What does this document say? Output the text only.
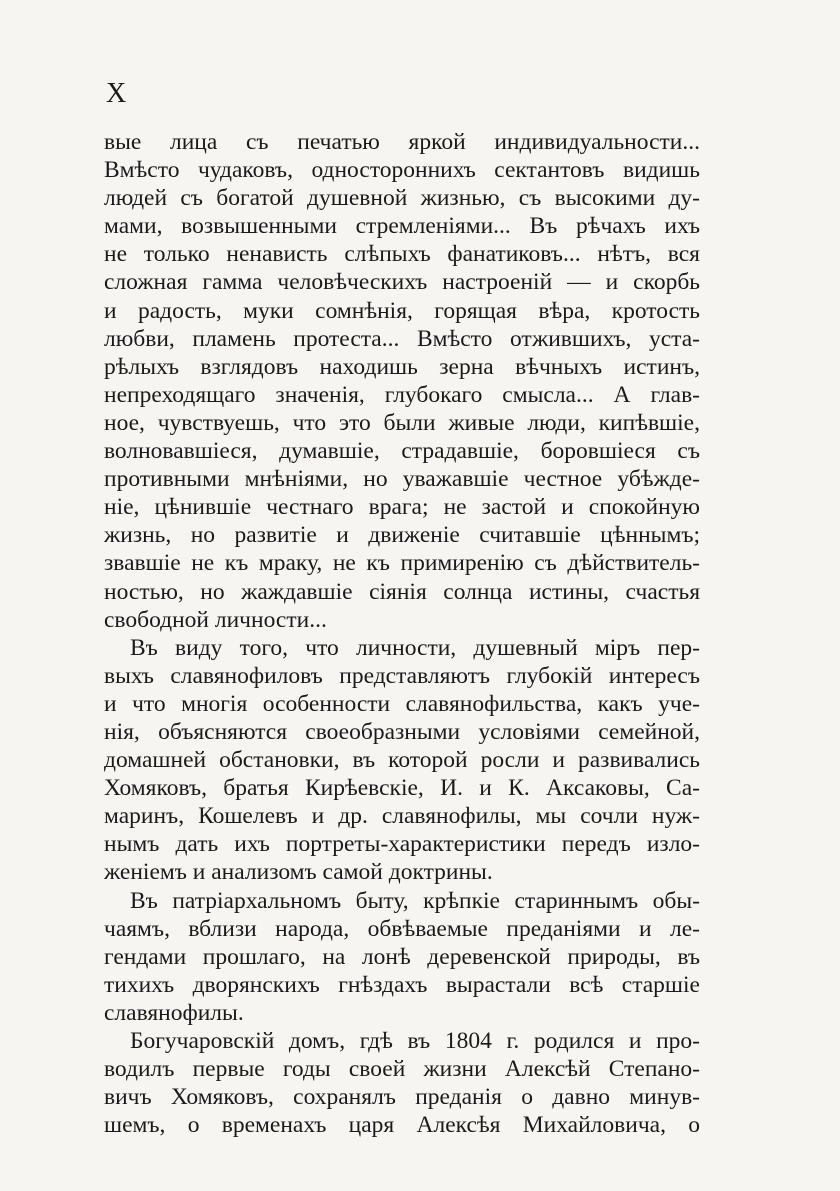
X
вые лица съ печатью яркой индивидуальности...
Вмѣсто чудаковъ, одностороннихъ сектантовъ видишь
людей съ богатой душевной жизнью, съ высокими ду-
мами, возвышенными стремленіями... Въ рѣчахъ ихъ
не только ненависть слѣпыхъ фанатиковъ... нѣтъ, вся
сложная гамма человѣческихъ настроеній — и скорбь
и радость, муки сомнѣнія, горящая вѣра, кротость
любви, пламень протеста... Вмѣсто отжившихъ, уста-
рѣлыхъ взглядовъ находишь зерна вѣчныхъ истинъ,
непреходящаго значенія, глубокаго смысла... А глав-
ное, чувствуешь, что это были живые люди, кипѣвшіе,
волновавшіеся, думавшіе, страдавшіе, боровшіеся съ
противными мнѣніями, но уважавшіе честное убѣжде-
ніе, цѣнившіе честнаго врага; не застой и спокойную
жизнь, но развитіе и движеніе считавшіе цѣннымъ;
звавшіе не къ мраку, не къ примиренію съ дѣйствитель-
ностью, но жаждавшіе сіянія солнца истины, счастья
свободной личности...
Въ виду того, что личности, душевный міръ пер-
выхъ славянофиловъ представляютъ глубокій интересъ
и что многія особенности славянофильства, какъ уче-
нія, объясняются своеобразными условіями семейной,
домашней обстановки, въ которой росли и развивались
Хомяковъ, братья Кирѣевскіе, И. и К. Аксаковы, Са-
маринъ, Кошелевъ и др. славянофилы, мы сочли нуж-
нымъ дать ихъ портреты-характеристики передъ изло-
женіемъ и анализомъ самой доктрины.
Въ патріархальномъ быту, крѣпкіе стариннымъ обы-
чаямъ, вблизи народа, обвѣваемые преданіями и ле-
гендами прошлаго, на лонѣ деревенской природы, въ
тихихъ дворянскихъ гнѣздахъ вырастали всѣ старшіе
славянофилы.
Богучаровскій домъ, гдѣ въ 1804 г. родился и про-
водилъ первые годы своей жизни Алексѣй Степано-
вичъ Хомяковъ, сохранялъ преданія о давно минув-
шемъ, о временахъ царя Алексѣя Михайловича, о
